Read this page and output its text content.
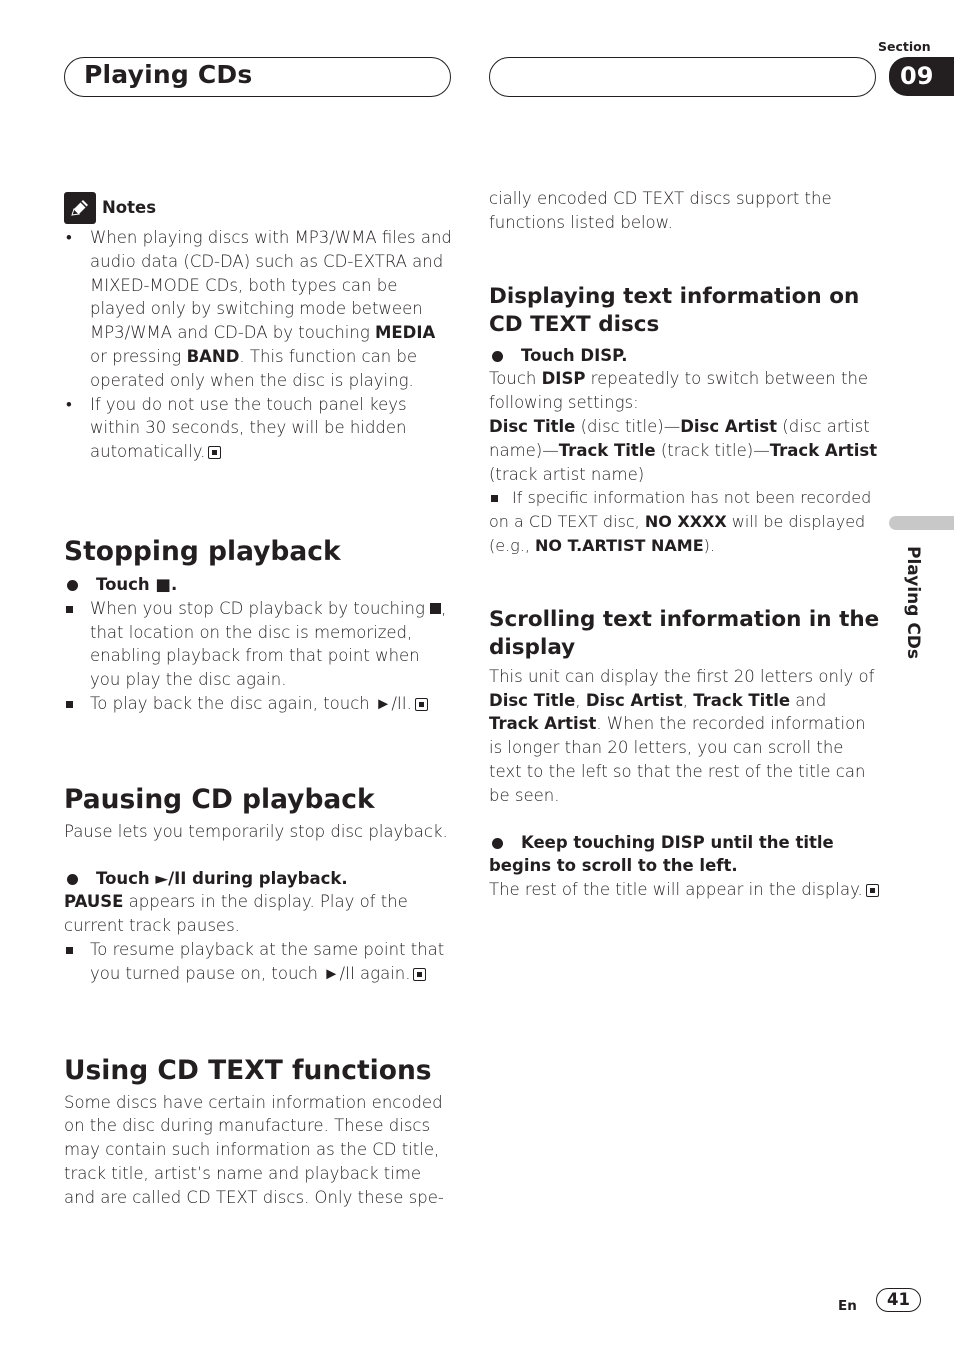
Playing CDs
Section
09
Playing CDs
Notes
• When playing discs with MP3/WMA files and audio data (CD-DA) such as CD-EXTRA and MIXED-MODE CDs, both types can be played only by switching mode between MP3/WMA and CD-DA by touching MEDIA or pressing BAND. This function can be operated only when the disc is playing.
• If you do not use the touch panel keys within 30 seconds, they will be hidden automatically.
Stopping playback

Touch ■.

When you stop CD playback by touching , that location on the disc is memorized, enabling playback from that point when you play the disc again.

To play back the disc again, touch ►/II.

Pausing CD playback

Pause lets you temporarily stop disc playback.

Touch ►/II during playback.

PAUSE appears in the display. Play of the current track pauses.

To resume playback at the same point that you turned pause on, touch ►/II again.

Using CD TEXT functions

Some discs have certain information encoded on the disc during manufacture. These discs may contain such information as the CD title, track title, artist’s name and playback time and are called CD TEXT discs. Only these spe-

cially encoded CD TEXT discs support the functions listed below.

Displaying text information on CD TEXT discs

Touch DISP.

Touch DISP repeatedly to switch between the following settings:

Disc Title (disc title)—Disc Artist (disc artist name)—Track Title (track title)—Track Artist (track artist name)

If specific information has not been recorded on a CD TEXT disc, NO XXXX will be displayed (e.g., NO T.ARTIST NAME).

Scrolling text information in the display

This unit can display the first 20 letters only of Disc Title, Disc Artist, Track Title and Track Artist. When the recorded information is longer than 20 letters, you can scroll the text to the left so that the rest of the title can be seen.

Keep touching DISP until the title begins to scroll to the left.

The rest of the title will appear in the display.

En	41
